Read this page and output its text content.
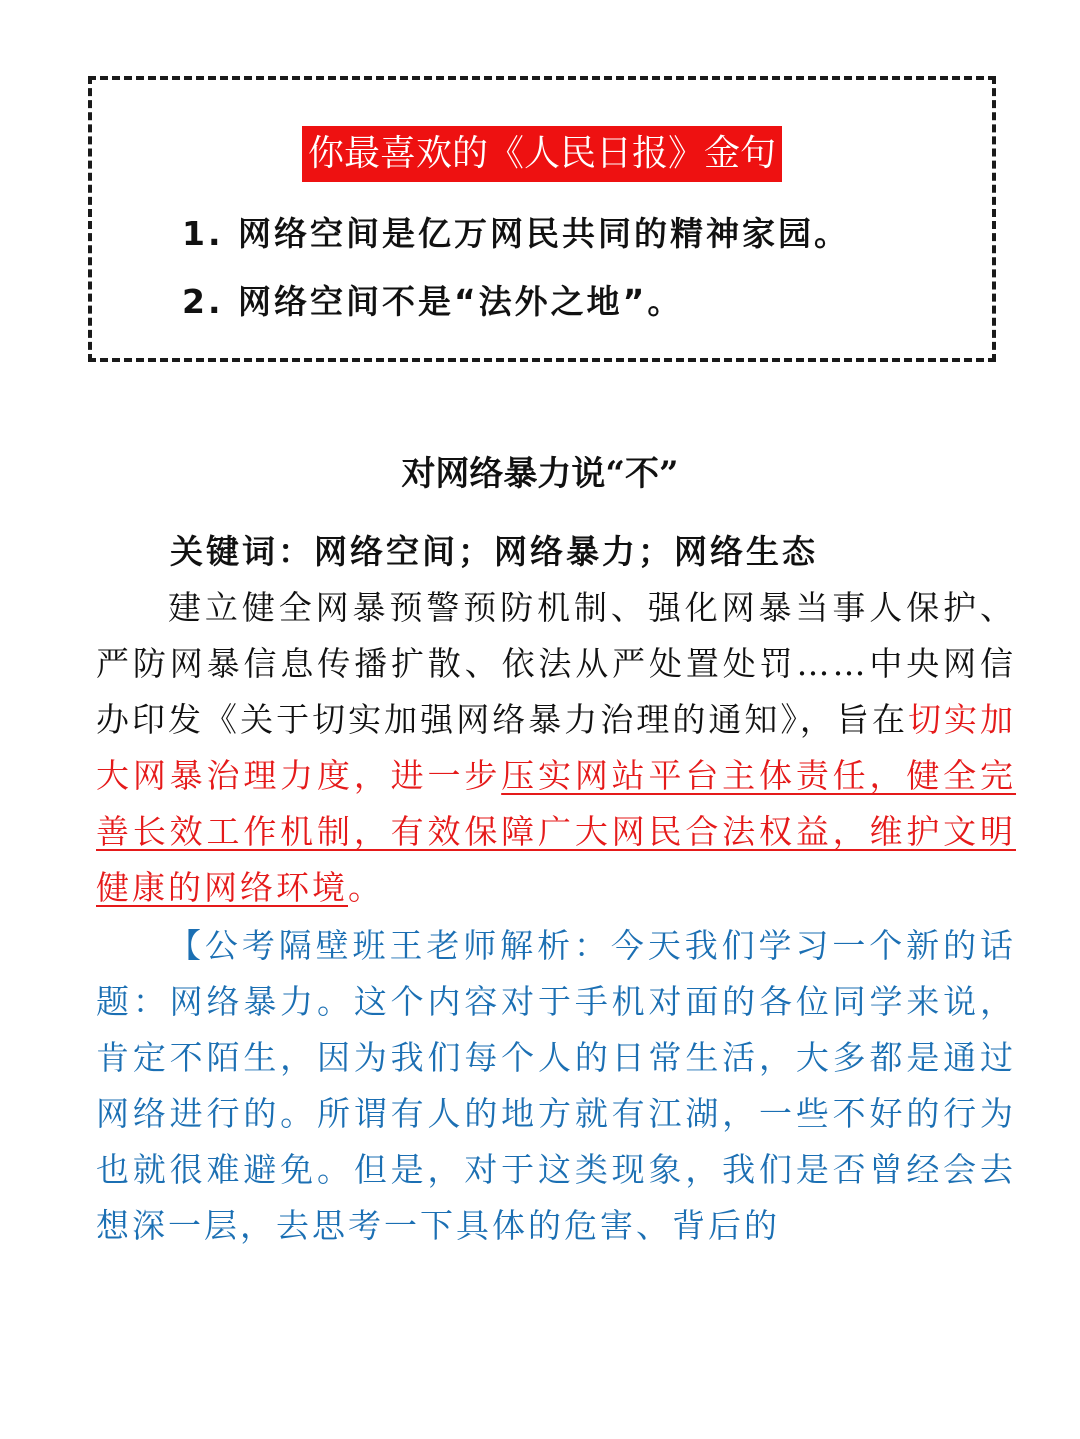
你最喜欢的《人民日报》金句
1. 网络空间是亿万网民共同的精神家园。
2. 网络空间不是“法外之地”。
对网络暴力说“不”
关键词：网络空间；网络暴力；网络生态

建立健全网暴预警预防机制、强化网暴当事人保护、严防网暴信息传播扩散、依法从严处置处罚……中央网信办印发《关于切实加强网络暴力治理的通知》，旨在切实加大网暴治理力度，进一步压实网站平台主体责任，健全完善长效工作机制，有效保障广大网民合法权益，维护文明健康的网络环境。

【公考隔壁班王老师解析：今天我们学习一个新的话题：网络暴力。这个内容对于手机对面的各位同学来说，肯定不陌生，因为我们每个人的日常生活，大多都是通过网络进行的。所谓有人的地方就有江湖，一些不好的行为也就很难避免。但是，对于这类现象，我们是否曾经会去想深一层，去思考一下具体的危害、背后的
